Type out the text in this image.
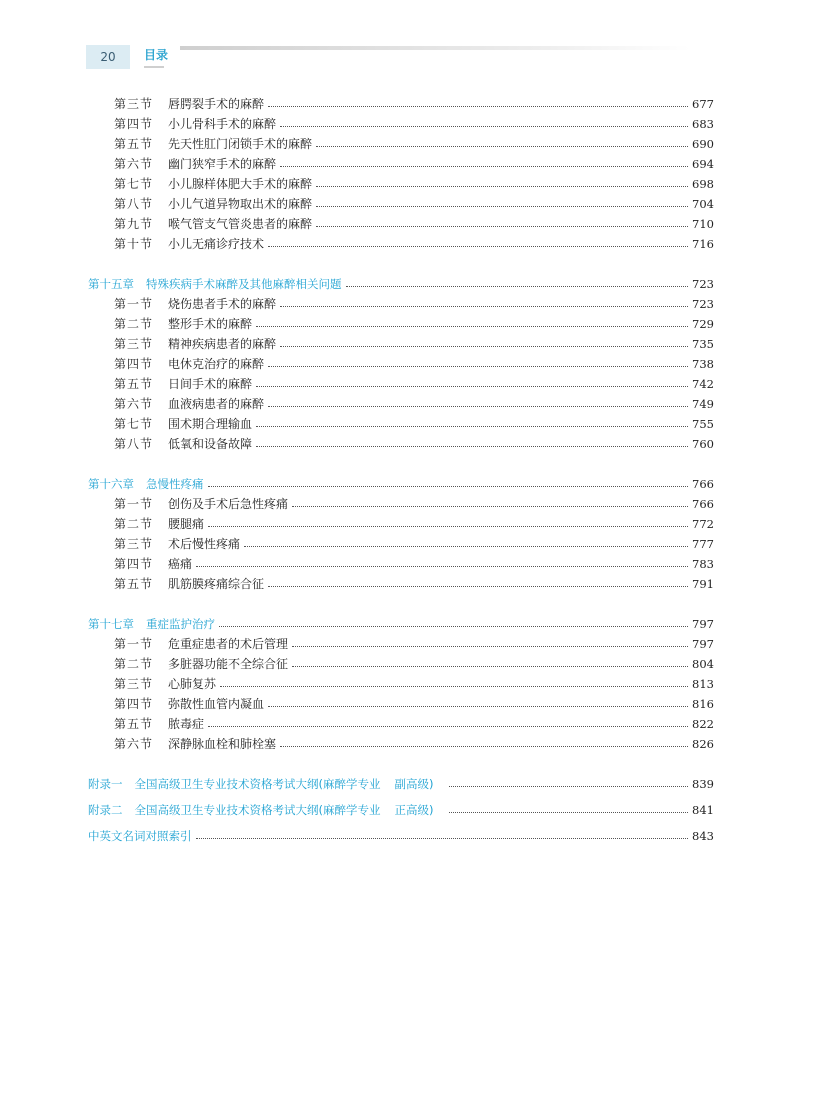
20	目录
第三节	唇腭裂手术的麻醉	677
第四节	小儿骨科手术的麻醉	683
第五节	先天性肛门闭锁手术的麻醉	690
第六节	幽门狭窄手术的麻醉	694
第七节	小儿腺样体肥大手术的麻醉	698
第八节	小儿气道异物取出术的麻醉	704
第九节	喉气管支气管炎患者的麻醉	710
第十节	小儿无痛诊疗技术	716
第十五章 特殊疾病手术麻醉及其他麻醉相关问题	723
第一节	烧伤患者手术的麻醉	723
第二节	整形手术的麻醉	729
第三节	精神疾病患者的麻醉	735
第四节	电休克治疗的麻醉	738
第五节	日间手术的麻醉	742
第六节	血液病患者的麻醉	749
第七节	围术期合理输血	755
第八节	低氧和设备故障	760
第十六章 急慢性疼痛	766
第一节	创伤及手术后急性疼痛	766
第二节	腰腿痛	772
第三节	术后慢性疼痛	777
第四节	癌痛	783
第五节	肌筋膜疼痛综合征	791
第十七章 重症监护治疗	797
第一节	危重症患者的术后管理	797
第二节	多脏器功能不全综合征	804
第三节	心肺复苏	813
第四节	弥散性血管内凝血	816
第五节	脓毒症	822
第六节	深静脉血栓和肺栓塞	826
附录一 全国高级卫生专业技术资格考试大纲(麻醉学专业 副高级)	839
附录二 全国高级卫生专业技术资格考试大纲(麻醉学专业 正高级)	841
中英文名词对照索引	843
